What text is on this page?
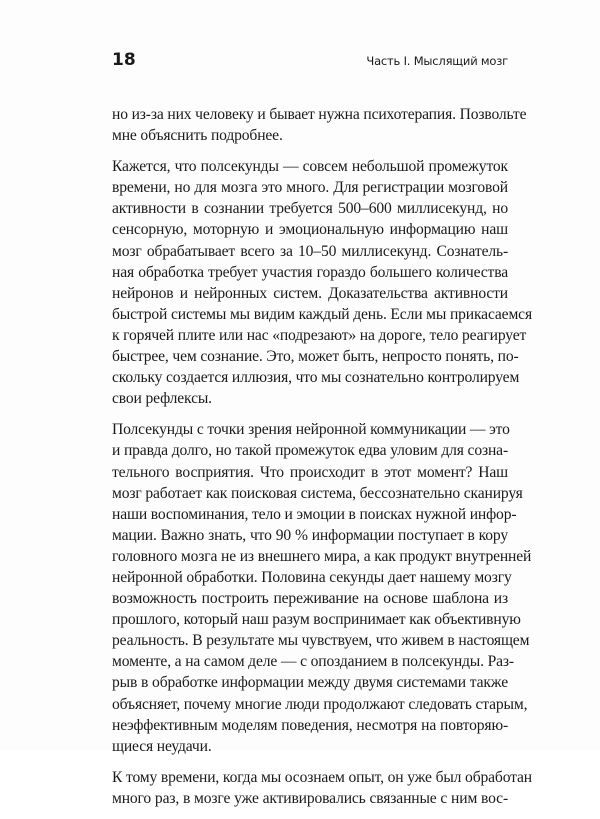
18	Часть I. Мыслящий мозг

но из-за них человеку и бывает нужна психотерапия. Позвольте
мне объяснить подробнее.

Кажется, что полсекунды — совсем небольшой промежуток
времени, но для мозга это много. Для регистрации мозговой
активности в сознании требуется 500–600 миллисекунд, но
сенсорную, моторную и эмоциональную информацию наш
мозг обрабатывает всего за 10–50 миллисекунд. Сознатель-
ная обработка требует участия гораздо большего количества
нейронов и нейронных систем. Доказательства активности
быстрой системы мы видим каждый день. Если мы прикасаемся
к горячей плите или нас «подрезают» на дороге, тело реагирует
быстрее, чем сознание. Это, может быть, непросто понять, по-
скольку создается иллюзия, что мы сознательно контролируем
свои рефлексы.

Полсекунды с точки зрения нейронной коммуникации — это
и правда долго, но такой промежуток едва уловим для созна-
тельного восприятия. Что происходит в этот момент? Наш
мозг работает как поисковая система, бессознательно сканируя
наши воспоминания, тело и эмоции в поисках нужной инфор-
мации. Важно знать, что 90 % информации поступает в кору
головного мозга не из внешнего мира, а как продукт внутренней
нейронной обработки. Половина секунды дает нашему мозгу
возможность построить переживание на основе шаблона из
прошлого, который наш разум воспринимает как объективную
реальность. В результате мы чувствуем, что живем в настоящем
моменте, а на самом деле — с опозданием в полсекунды. Раз-
рыв в обработке информации между двумя системами также
объясняет, почему многие люди продолжают следовать старым,
неэффективным моделям поведения, несмотря на повторяю-
щиеся неудачи.

К тому времени, когда мы осознаем опыт, он уже был обработан
много раз, в мозге уже активировались связанные с ним вос-
